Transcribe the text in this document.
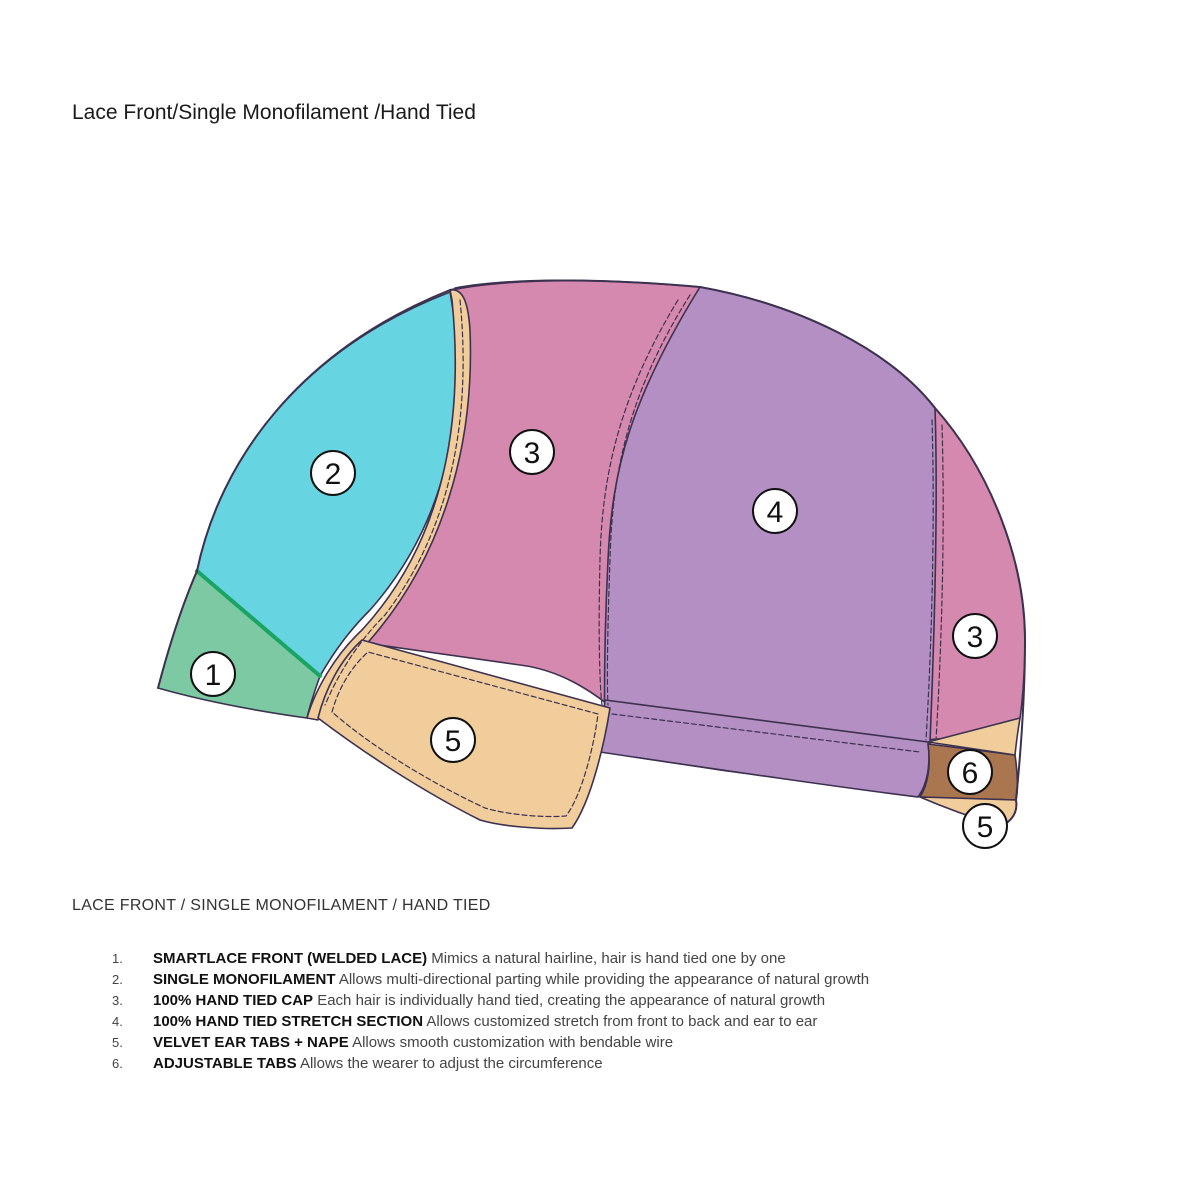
Lace Front/Single Monofilament /Hand Tied
1
2
3
4
3
5
6
5
LACE FRONT / SINGLE MONOFILAMENT / HAND TIED
1. SMARTLACE FRONT (WELDED LACE) Mimics a natural hairline, hair is hand tied one by one
2. SINGLE MONOFILAMENT Allows multi-directional parting while providing the appearance of natural growth
3. 100% HAND TIED CAP Each hair is individually hand tied, creating the appearance of natural growth
4. 100% HAND TIED STRETCH SECTION Allows customized stretch from front to back and ear to ear
5. VELVET EAR TABS + NAPE Allows smooth customization with bendable wire
6. ADJUSTABLE TABS Allows the wearer to adjust the circumference
